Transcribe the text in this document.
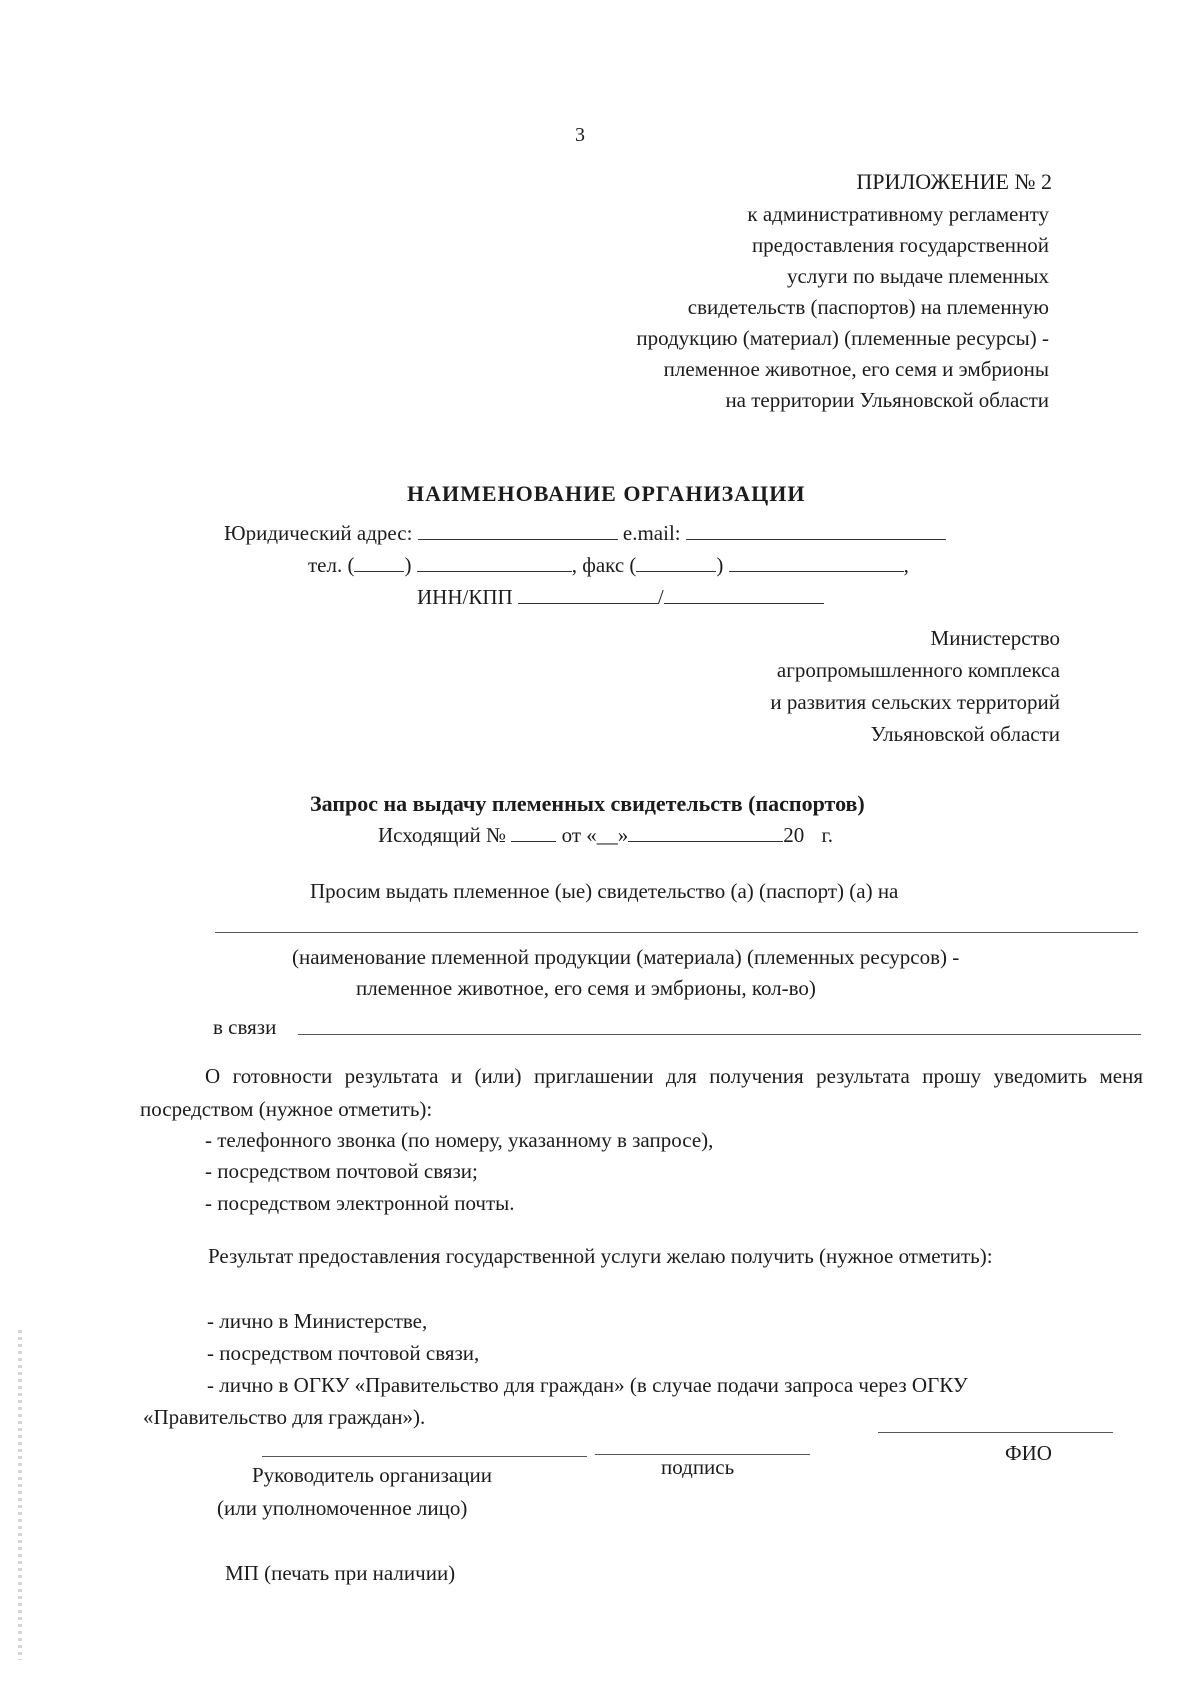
3
ПРИЛОЖЕНИЕ № 2
к административному регламенту
предоставления государственной
услуги по выдаче племенных
свидетельств (паспортов) на племенную
продукцию (материал) (племенные ресурсы) -
племенное животное, его семя и эмбрионы
на территории Ульяновской области
НАИМЕНОВАНИЕ ОРГАНИЗАЦИИ
Юридический адрес:	e.mail:
тел. ( )	, факс (	)	,
ИНН/КПП	/
Министерство
агропромышленного комплекса
и развития сельских территорий
Ульяновской области
Запрос на выдачу племенных свидетельств (паспортов)
Исходящий №	от «__»	20 г.
Просим выдать племенное (ые) свидетельство (а) (паспорт) (а) на
(наименование племенной продукции (материала) (племенных ресурсов) -
племенное животное, его семя и эмбрионы, кол-во)
в связи
О готовности результата и (или) приглашении для получения результата прошу уведомить меня посредством (нужное отметить):
- телефонного звонка (по номеру, указанному в запросе),
- посредством почтовой связи;
- посредством электронной почты.
Результат предоставления государственной услуги желаю получить (нужное отметить):
- лично в Министерстве,
- посредством почтовой связи,
- лично в ОГКУ «Правительство для граждан» (в случае подачи запроса через ОГКУ
«Правительство для граждан»).
ФИО
Руководитель организации	подпись
(или уполномоченное лицо)
МП (печать при наличии)
